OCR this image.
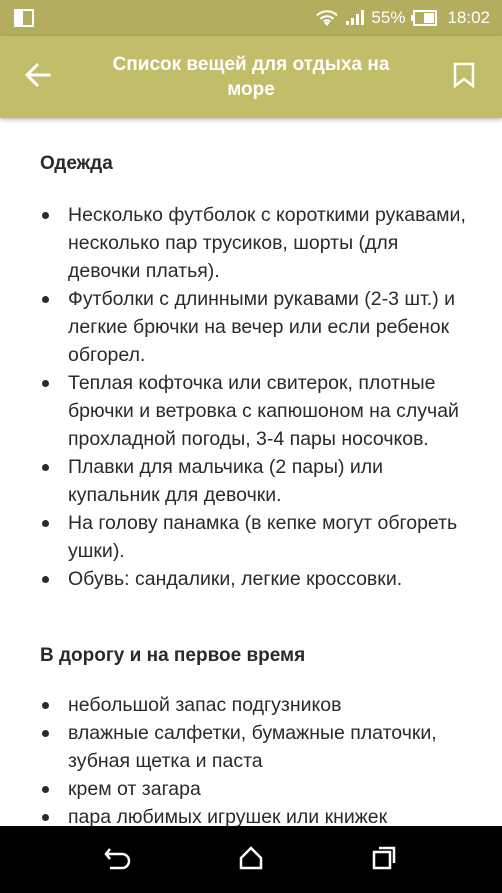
55% 18:02
Список вещей для отдыха на море
Одежда
Несколько футболок с короткими рукавами, несколько пар трусиков, шорты (для девочки платья).
Футболки с длинными рукавами (2-3 шт.) и легкие брючки на вечер или если ребенок обгорел.
Теплая кофточка или свитерок, плотные брючки и ветровка с капюшоном на случай прохладной погоды, 3-4 пары носочков.
Плавки для мальчика (2 пары) или купальник для девочки.
На голову панамка (в кепке могут обгореть ушки).
Обувь: сандалики, легкие кроссовки.
В дорогу и на первое время
небольшой запас подгузников
влажные салфетки, бумажные платочки, зубная щетка и паста
крем от загара
пара любимых игрушек или книжек
